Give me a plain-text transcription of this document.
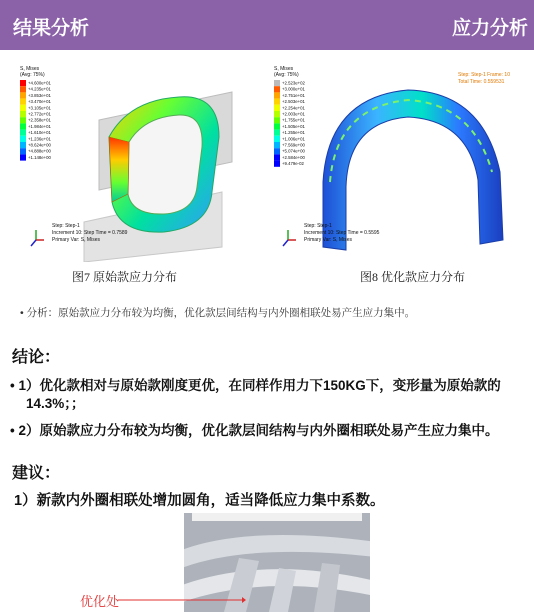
结果分析	应力分析
S, Mises
(Avg: 75%)
+4.600e+01
+4.235e+01
+3.853e+01
+3.470e+01
+3.105e+01
+2.772e+01
+2.358e+01
+1.984e+01
+1.610e+01
+1.236e+01
+8.624e+00
+4.888e+00
+1.148e+00
Step: Step-1
Increment 10: Step Time = 0.7589
Primary Var: S, Mises
图7 原始款应力分布
S, Mises
(Avg: 75%)
+2.523e+02
+3.000e+01
+2.751e+01
+2.503e+01
+2.254e+01
+2.003e+01
+1.755e+01
+1.505e+01
+1.255e+01
+1.006e+01
+7.569e+00
+5.074e+00
+2.584e+00
+9.479e-02
Step: Step-1 Frame: 10
Total Time: 0.559531
Step: Step-1
Increment 10: Step Time = 0.5595
Primary Var: S, Mises
图8 优化款应力分布
• 分析：原始款应力分布较为均衡，优化款层间结构与内外圈相联处易产生应力集中。
结论：
• 1）优化款相对与原始款刚度更优，在同样作用力下150KG下，变形量为原始款的
14.3%；；
• 2）原始款应力分布较为均衡，优化款层间结构与内外圈相联处易产生应力集中。
建议：
1）新款内外圈相联处增加圆角，适当降低应力集中系数。
优化处
